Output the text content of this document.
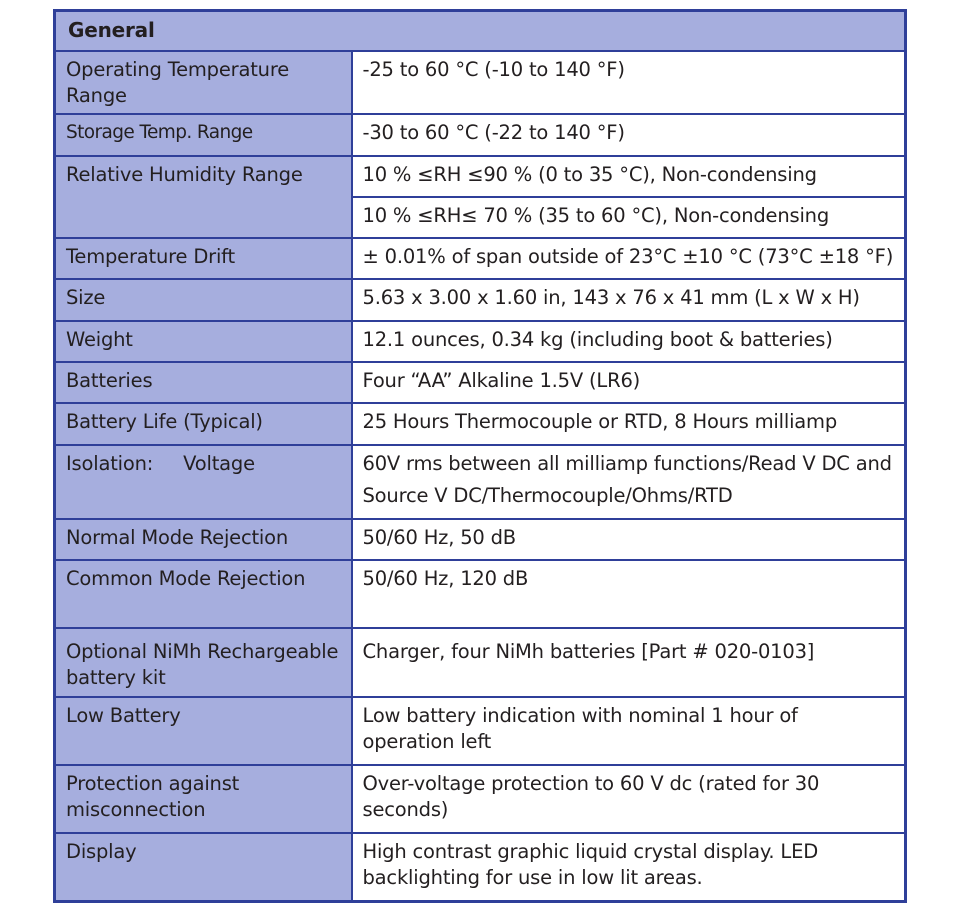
General	
Operating Temperature Range	-25 to 60 °C (-10 to 140 °F)
Storage Temp. Range	-30 to 60 °C (-22 to 140 °F)
Relative Humidity Range	10 % ≤RH ≤90 % (0 to 35 °C), Non-condensing
	10 % ≤RH≤ 70 % (35 to 60 °C), Non-condensing
Temperature Drift	± 0.01% of span outside of 23°C ±10 °C (73°C ±18 °F)
Size	5.63 x 3.00 x 1.60 in, 143 x 76 x 41 mm (L x W x H)
Weight	12.1 ounces, 0.34 kg (including boot & batteries)
Batteries	Four “AA” Alkaline 1.5V (LR6)
Battery Life (Typical)	25 Hours Thermocouple or RTD, 8 Hours milliamp
Isolation:     Voltage	60V rms between all milliamp functions/Read V DC and Source V DC/Thermocouple/Ohms/RTD
Normal Mode Rejection	50/60 Hz, 50 dB
Common Mode Rejection	50/60 Hz, 120 dB
Optional NiMh Rechargeable battery kit	Charger, four NiMh batteries [Part # 020-0103]
Low Battery	Low battery indication with nominal 1 hour of operation left
Protection against misconnection	Over-voltage protection to 60 V dc (rated for 30 seconds)
Display	High contrast graphic liquid crystal display. LED backlighting for use in low lit areas.
